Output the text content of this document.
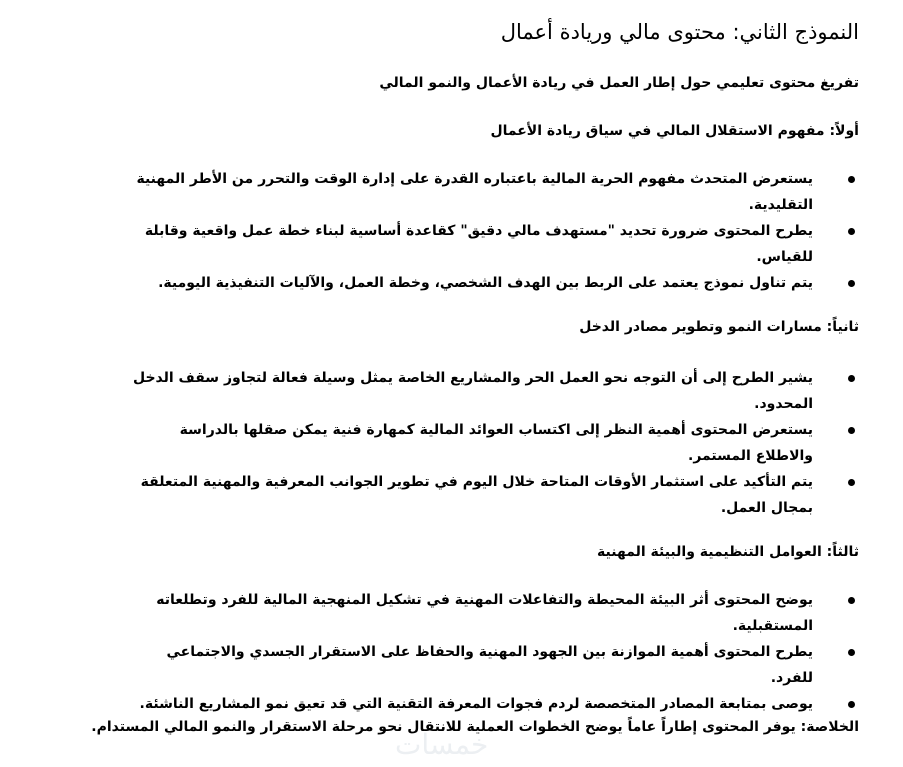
النموذج الثاني: محتوى مالي وريادة أعمال

تفريغ محتوى تعليمي حول إطار العمل في ريادة الأعمال والنمو المالي

أولاً: مفهوم الاستقلال المالي في سياق ريادة الأعمال

يستعرض المتحدث مفهوم الحرية المالية باعتباره القدرة على إدارة الوقت والتحرر من الأطر المهنية التقليدية.
يطرح المحتوى ضرورة تحديد "مستهدف مالي دقيق" كقاعدة أساسية لبناء خطة عمل واقعية وقابلة للقياس.
يتم تناول نموذج يعتمد على الربط بين الهدف الشخصي، وخطة العمل، والآليات التنفيذية اليومية.

ثانياً: مسارات النمو وتطوير مصادر الدخل

يشير الطرح إلى أن التوجه نحو العمل الحر والمشاريع الخاصة يمثل وسيلة فعالة لتجاوز سقف الدخل المحدود.
يستعرض المحتوى أهمية النظر إلى اكتساب العوائد المالية كمهارة فنية يمكن صقلها بالدراسة والاطلاع المستمر.
يتم التأكيد على استثمار الأوقات المتاحة خلال اليوم في تطوير الجوانب المعرفية والمهنية المتعلقة بمجال العمل.

ثالثاً: العوامل التنظيمية والبيئة المهنية

يوضح المحتوى أثر البيئة المحيطة والتفاعلات المهنية في تشكيل المنهجية المالية للفرد وتطلعاته المستقبلية.
يطرح المحتوى أهمية الموازنة بين الجهود المهنية والحفاظ على الاستقرار الجسدي والاجتماعي للفرد.
يوصى بمتابعة المصادر المتخصصة لردم فجوات المعرفة التقنية التي قد تعيق نمو المشاريع الناشئة.

الخلاصة: يوفر المحتوى إطاراً عاماً يوضح الخطوات العملية للانتقال نحو مرحلة الاستقرار والنمو المالي المستدام.

خمسات
